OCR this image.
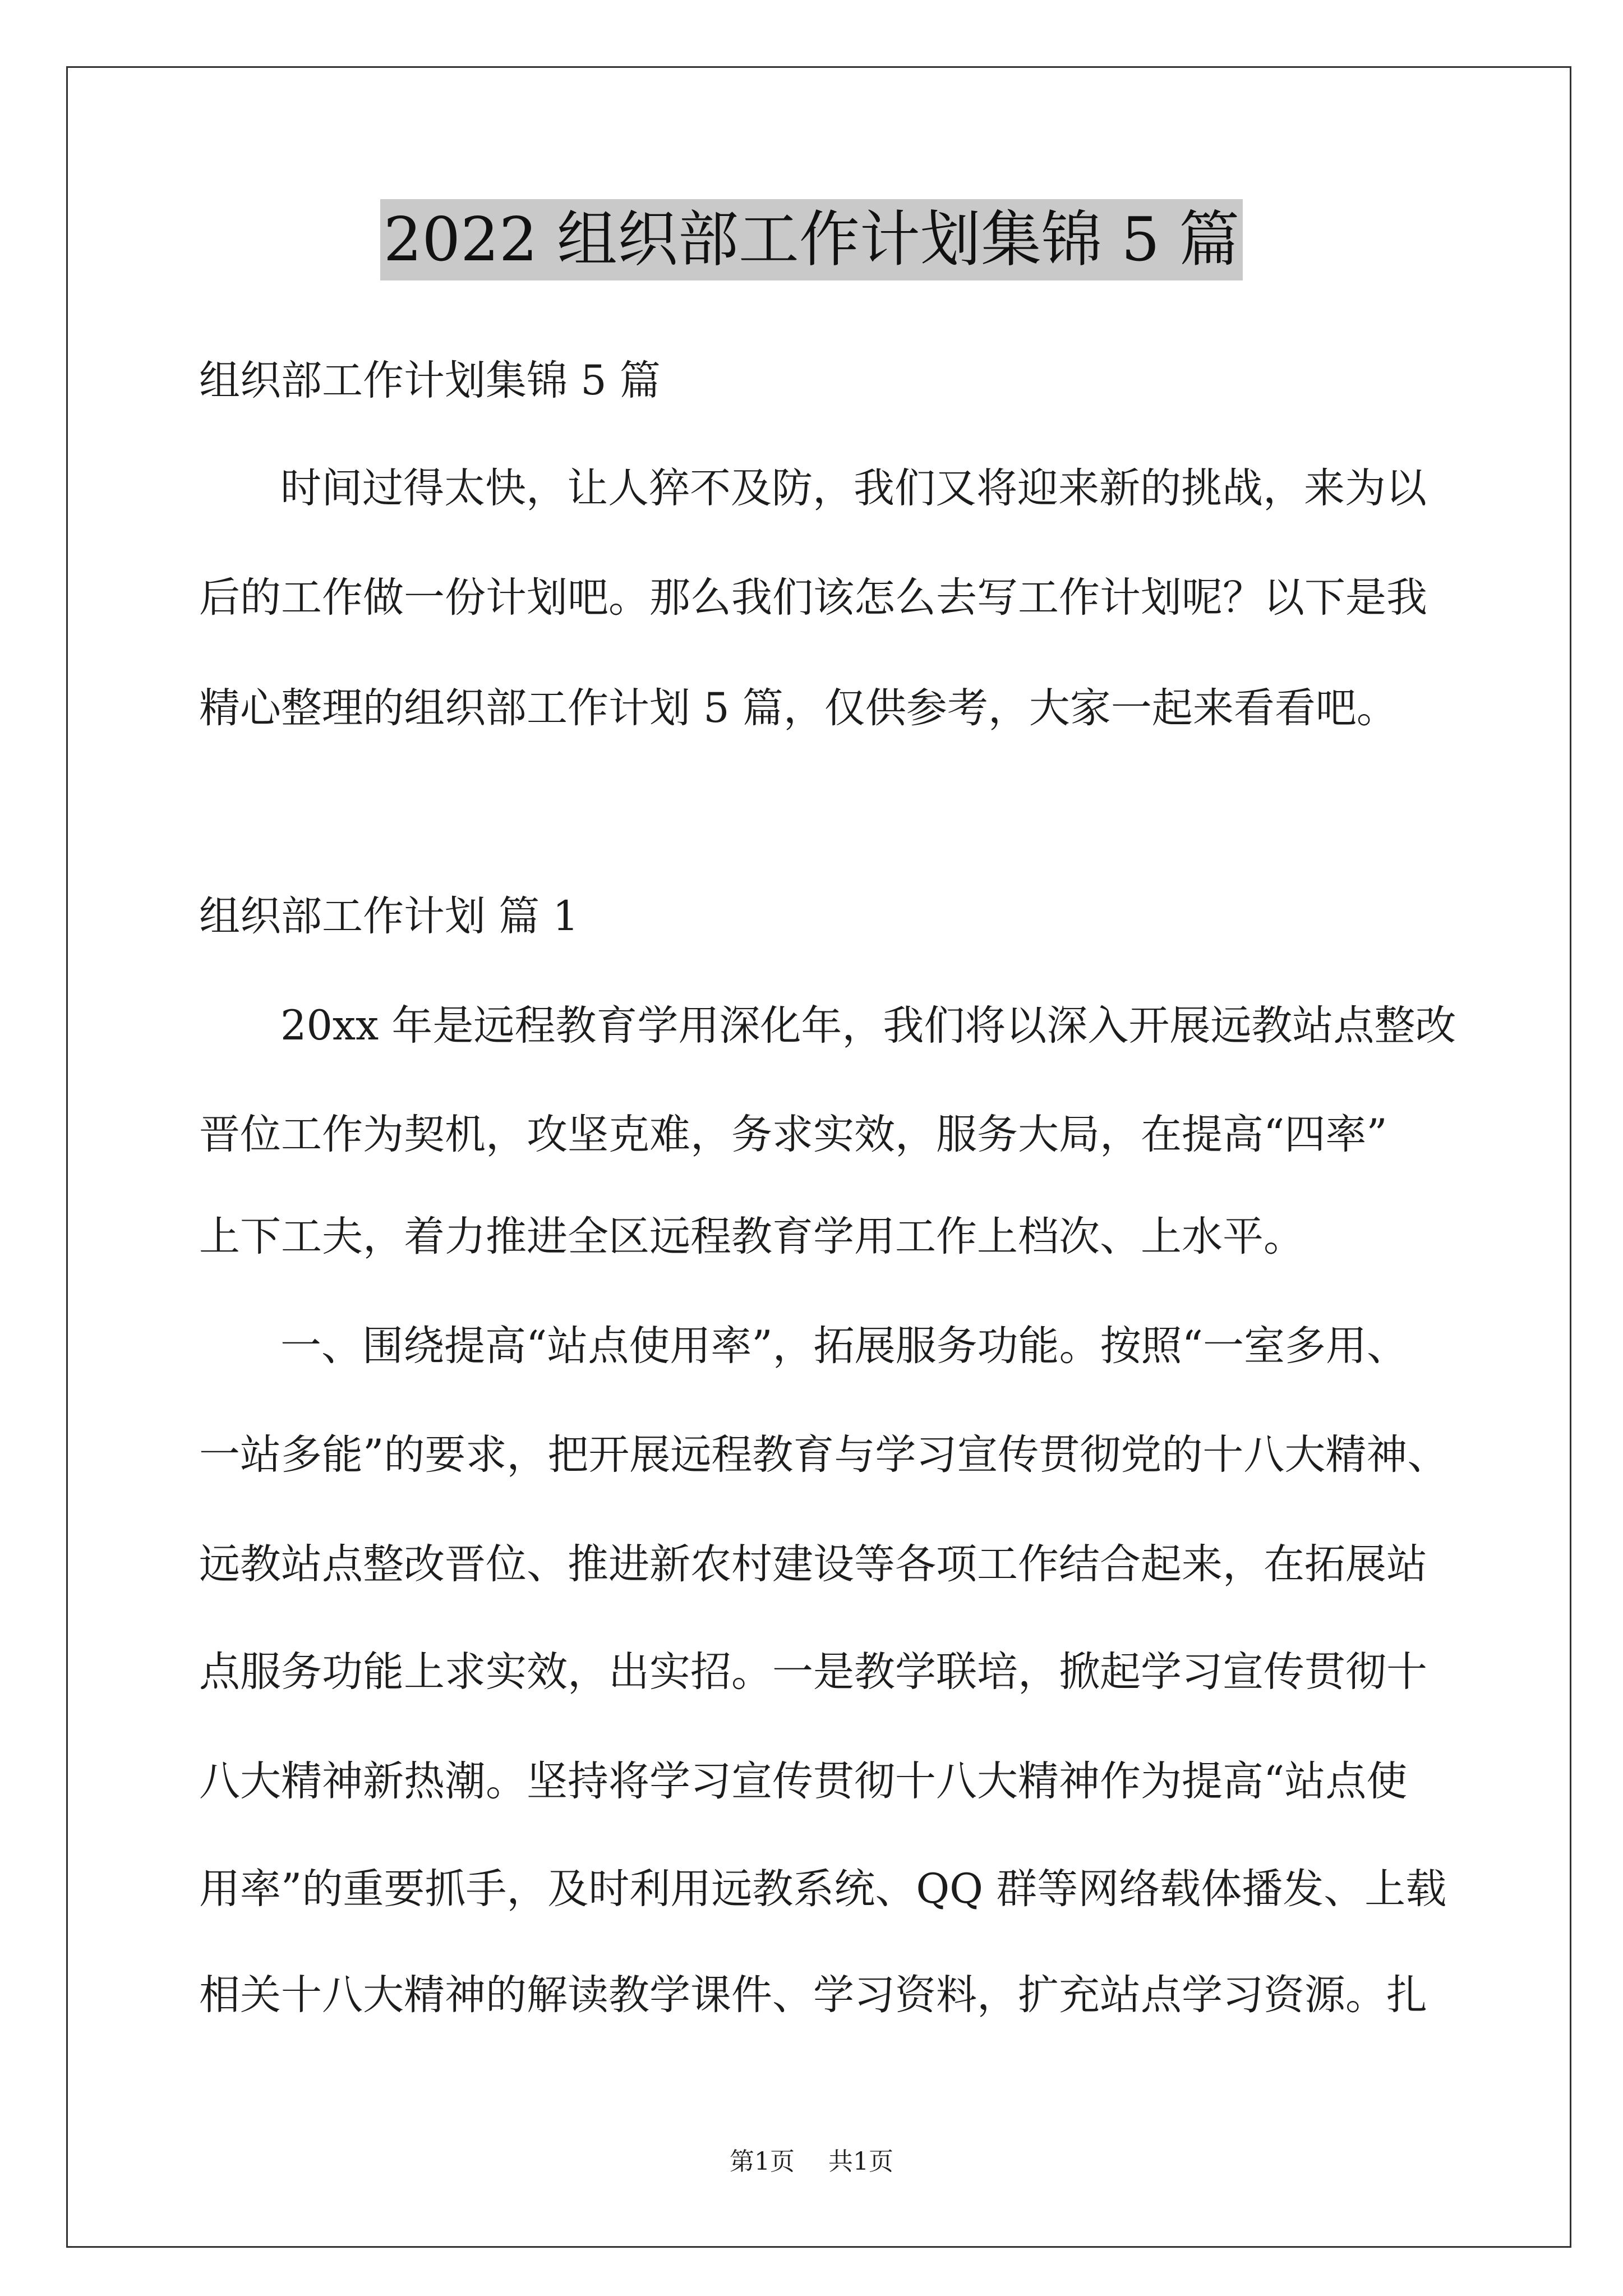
2022 组织部工作计划集锦 5 篇
组织部工作计划集锦 5 篇
时间过得太快，让人猝不及防，我们又将迎来新的挑战，来为以
后的工作做一份计划吧。那么我们该怎么去写工作计划呢？以下是我
精心整理的组织部工作计划 5 篇，仅供参考，大家一起来看看吧。
组织部工作计划 篇 1
20xx 年是远程教育学用深化年，我们将以深入开展远教站点整改
晋位工作为契机，攻坚克难，务求实效，服务大局，在提高“四率”
上下工夫，着力推进全区远程教育学用工作上档次、上水平。
一、围绕提高“站点使用率”，拓展服务功能。按照“一室多用、
一站多能”的要求，把开展远程教育与学习宣传贯彻党的十八大精神、
远教站点整改晋位、推进新农村建设等各项工作结合起来，在拓展站
点服务功能上求实效，出实招。一是教学联培，掀起学习宣传贯彻十
八大精神新热潮。坚持将学习宣传贯彻十八大精神作为提高“站点使
用率”的重要抓手，及时利用远教系统、QQ 群等网络载体播发、上载
相关十八大精神的解读教学课件、学习资料，扩充站点学习资源。扎
第1页 共1页
